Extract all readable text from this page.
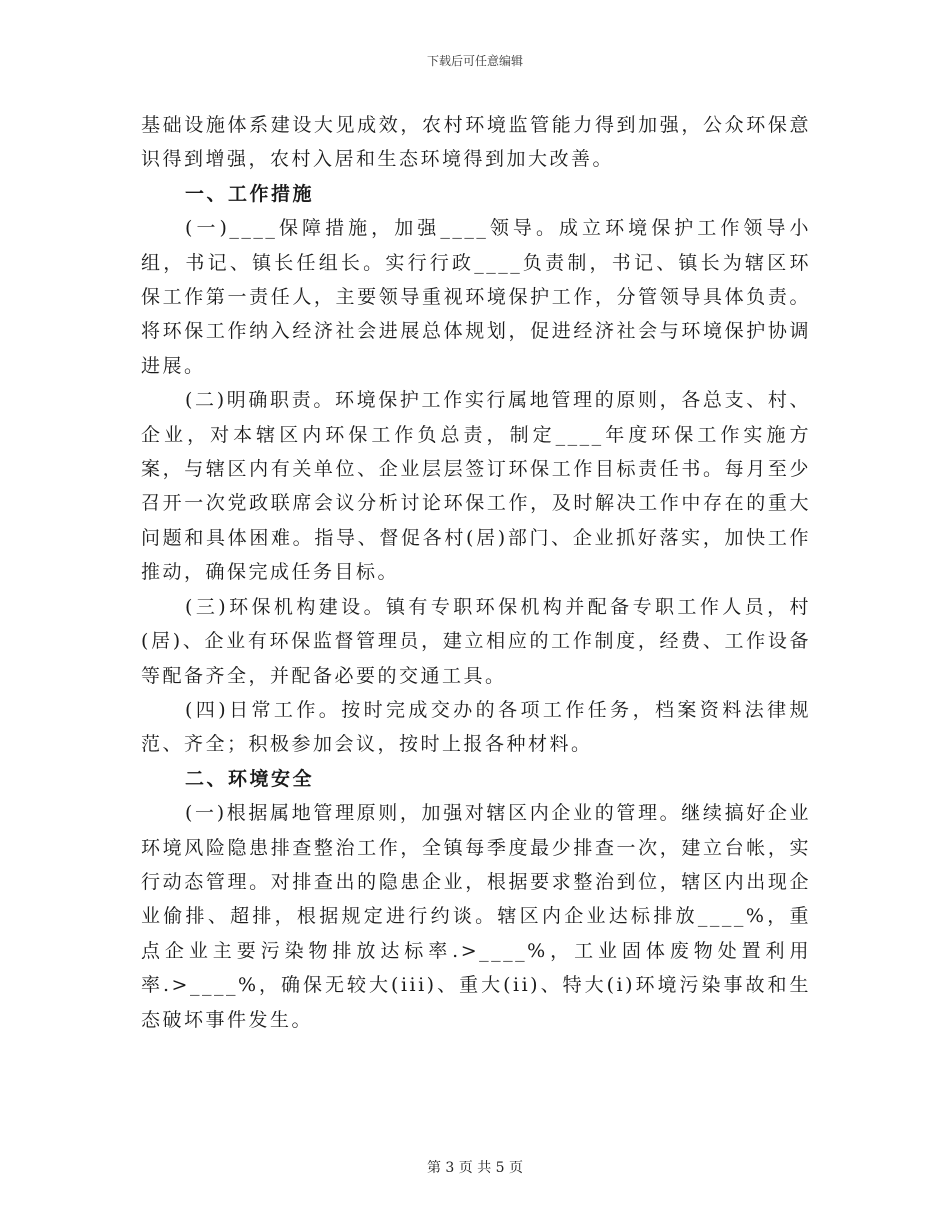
下载后可任意编辑

基础设施体系建设大见成效，农村环境监管能力得到加强，公众环保意识得到增强，农村入居和生态环境得到加大改善。

一、工作措施

(一)____保障措施，加强____领导。成立环境保护工作领导小组，书记、镇长任组长。实行行政____负责制，书记、镇长为辖区环保工作第一责任人，主要领导重视环境保护工作，分管领导具体负责。将环保工作纳入经济社会进展总体规划，促进经济社会与环境保护协调进展。

(二)明确职责。环境保护工作实行属地管理的原则，各总支、村、企业，对本辖区内环保工作负总责，制定____年度环保工作实施方案，与辖区内有关单位、企业层层签订环保工作目标责任书。每月至少召开一次党政联席会议分析讨论环保工作，及时解决工作中存在的重大问题和具体困难。指导、督促各村(居)部门、企业抓好落实，加快工作推动，确保完成任务目标。

(三)环保机构建设。镇有专职环保机构并配备专职工作人员，村(居)、企业有环保监督管理员，建立相应的工作制度，经费、工作设备等配备齐全，并配备必要的交通工具。

(四)日常工作。按时完成交办的各项工作任务，档案资料法律规范、齐全；积极参加会议，按时上报各种材料。

二、环境安全

(一)根据属地管理原则，加强对辖区内企业的管理。继续搞好企业环境风险隐患排查整治工作，全镇每季度最少排查一次，建立台帐，实行动态管理。对排查出的隐患企业，根据要求整治到位，辖区内出现企业偷排、超排，根据规定进行约谈。辖区内企业达标排放____%，重点企业主要污染物排放达标率.>____%，工业固体废物处置利用率.>____%，确保无较大(iii)、重大(ii)、特大(i)环境污染事故和生态破坏事件发生。

第 3 页 共 5 页
